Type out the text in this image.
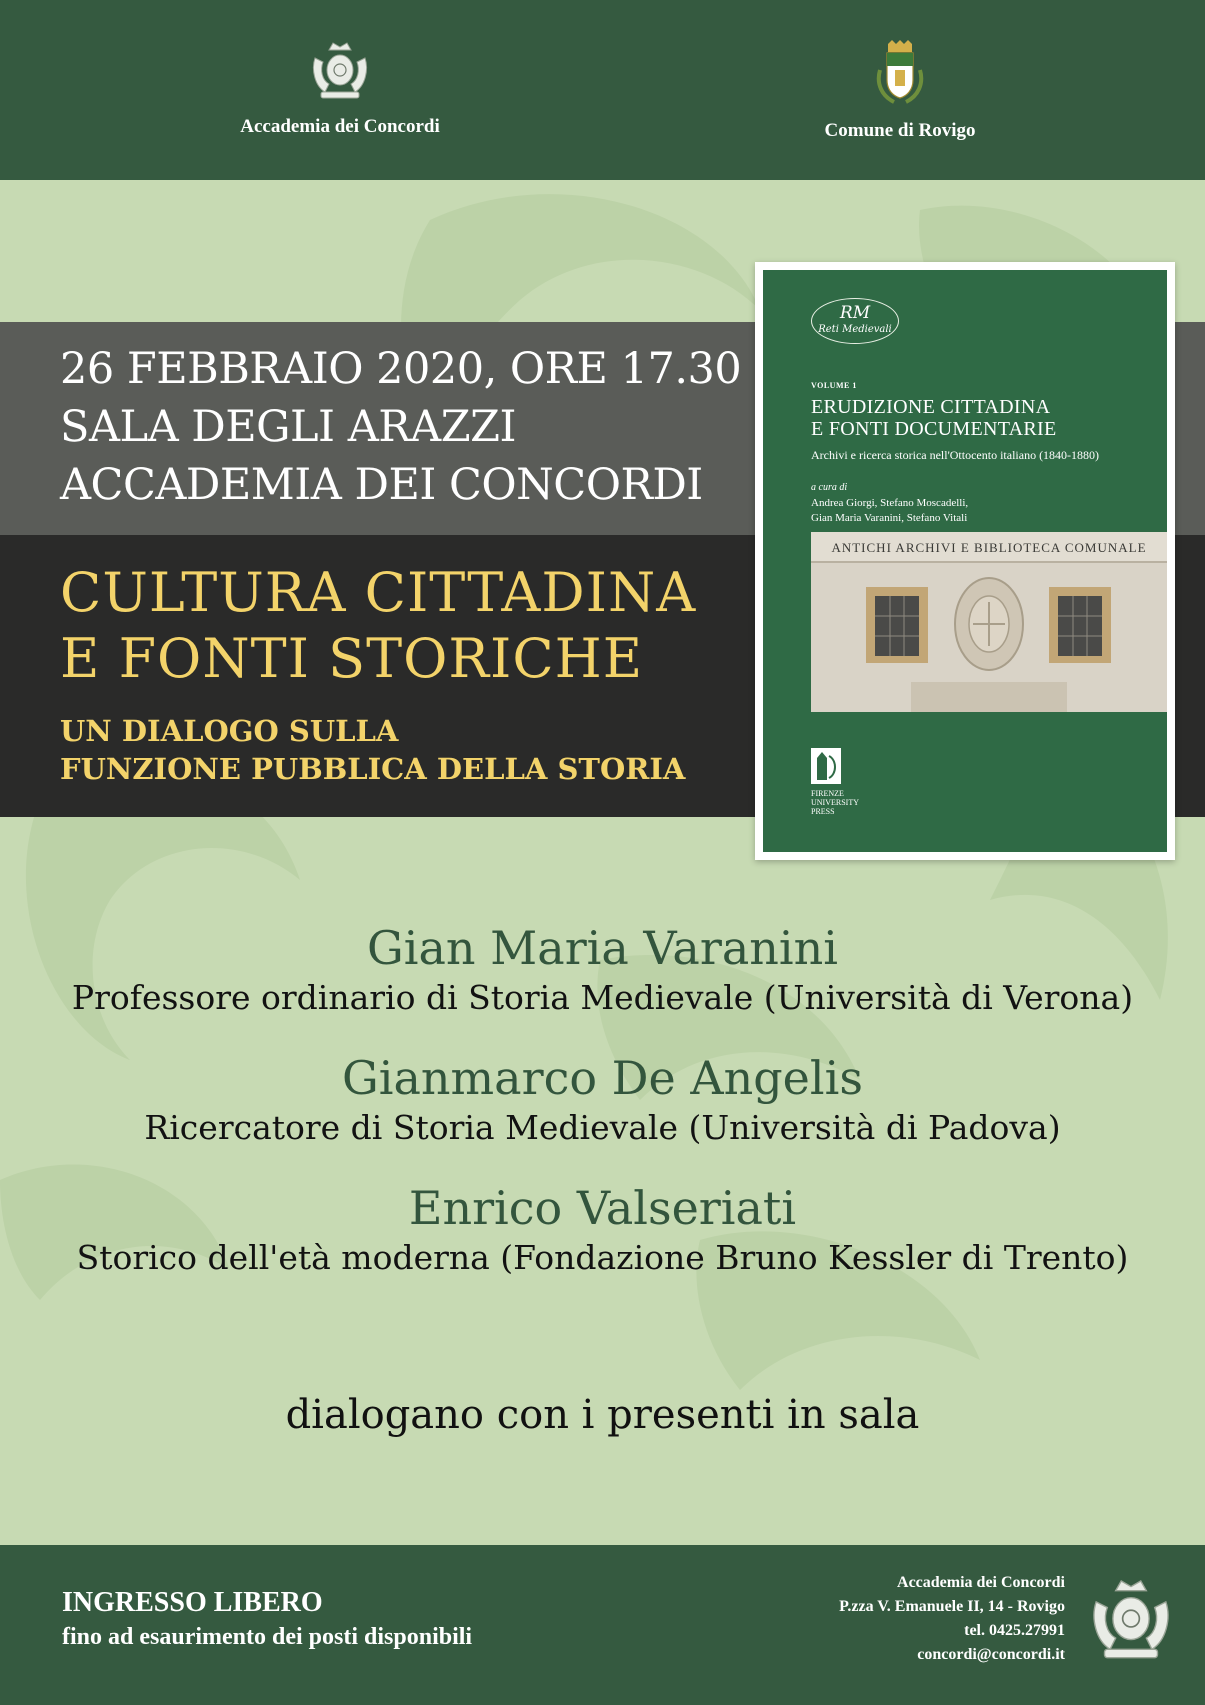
Accademia dei Concordi	Comune di Rovigo
26 FEBBRAIO 2020, ORE 17.30
SALA DEGLI ARAZZI
ACCADEMIA DEI CONCORDI
CULTURA CITTADINA
E FONTI STORICHE
UN DIALOGO SULLA
FUNZIONE PUBBLICA DELLA STORIA
RM
Reti Medievali
VOLUME 1
ERUDIZIONE CITTADINA
E FONTI DOCUMENTARIE
Archivi e ricerca storica nell'Ottocento italiano (1840-1880)
a cura di
Andrea Giorgi, Stefano Moscadelli,
Gian Maria Varanini, Stefano Vitali
ANTICHI ARCHIVI E BIBLIOTECA COMUNALE
FIRENZE
UNIVERSITY
PRESS
Gian Maria Varanini
Professore ordinario di Storia Medievale (Università di Verona)
Gianmarco De Angelis
Ricercatore di Storia Medievale (Università di Padova)
Enrico Valseriati
Storico dell'età moderna (Fondazione Bruno Kessler di Trento)
dialogano con i presenti in sala
INGRESSO LIBERO
fino ad esaurimento dei posti disponibili
Accademia dei Concordi
P.zza V. Emanuele II, 14 - Rovigo
tel. 0425.27991
concordi@concordi.it
